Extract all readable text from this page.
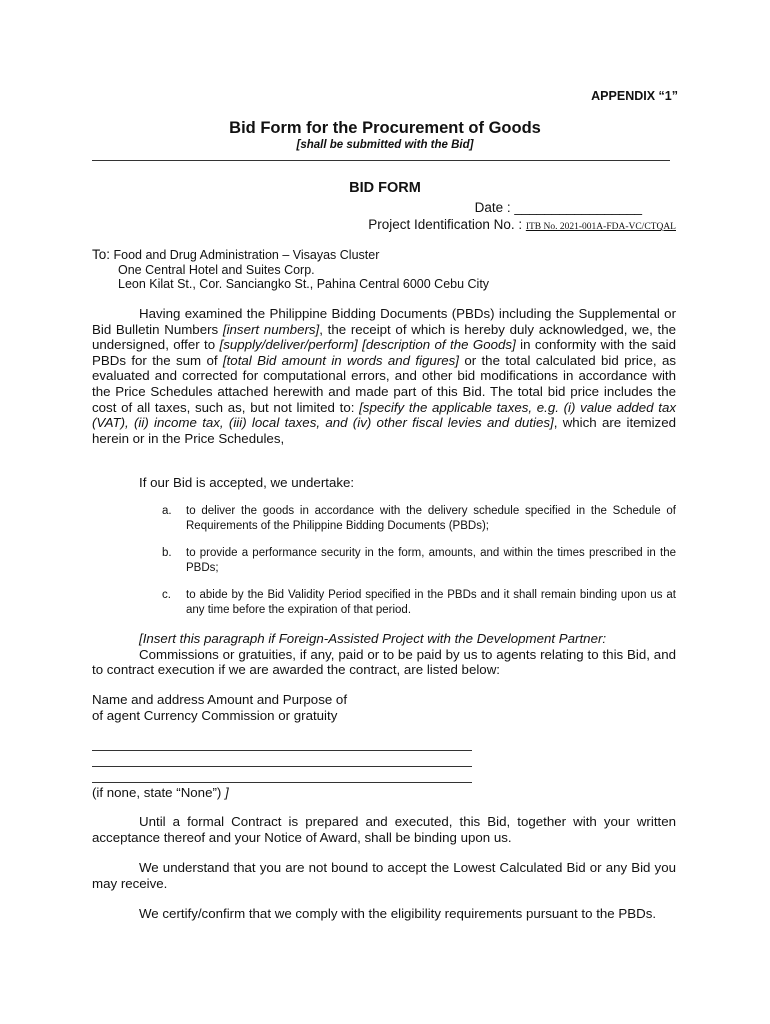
APPENDIX “1”
Bid Form for the Procurement of Goods
[shall be submitted with the Bid]
BID FORM
Date : _________________
Project Identification No. : ITB No. 2021-001A-FDA-VC/CTQAL
To: Food and Drug Administration – Visayas Cluster
One Central Hotel and Suites Corp.
Leon Kilat St., Cor. Sanciangko St., Pahina Central 6000 Cebu City

Having examined the Philippine Bidding Documents (PBDs) including the Supplemental or Bid Bulletin Numbers [insert numbers], the receipt of which is hereby duly acknowledged, we, the undersigned, offer to [supply/deliver/perform] [description of the Goods] in conformity with the said PBDs for the sum of [total Bid amount in words and figures] or the total calculated bid price, as evaluated and corrected for computational errors, and other bid modifications in accordance with the Price Schedules attached herewith and made part of this Bid. The total bid price includes the cost of all taxes, such as, but not limited to: [specify the applicable taxes, e.g. (i) value added tax (VAT), (ii) income tax, (iii) local taxes, and (iv) other fiscal levies and duties], which are itemized herein or in the Price Schedules,

If our Bid is accepted, we undertake:
a.	to deliver the goods in accordance with the delivery schedule specified in the Schedule of Requirements of the Philippine Bidding Documents (PBDs);
b.	to provide a performance security in the form, amounts, and within the times prescribed in the PBDs;
c.	to abide by the Bid Validity Period specified in the PBDs and it shall remain binding upon us at any time before the expiration of that period.

[Insert this paragraph if Foreign-Assisted Project with the Development Partner:
Commissions or gratuities, if any, paid or to be paid by us to agents relating to this Bid, and to contract execution if we are awarded the contract, are listed below:

Name and address Amount and Purpose of
of agent Currency Commission or gratuity
(if none, state “None”) ]

Until a formal Contract is prepared and executed, this Bid, together with your written acceptance thereof and your Notice of Award, shall be binding upon us.

We understand that you are not bound to accept the Lowest Calculated Bid or any Bid you may receive.

We certify/confirm that we comply with the eligibility requirements pursuant to the PBDs.
